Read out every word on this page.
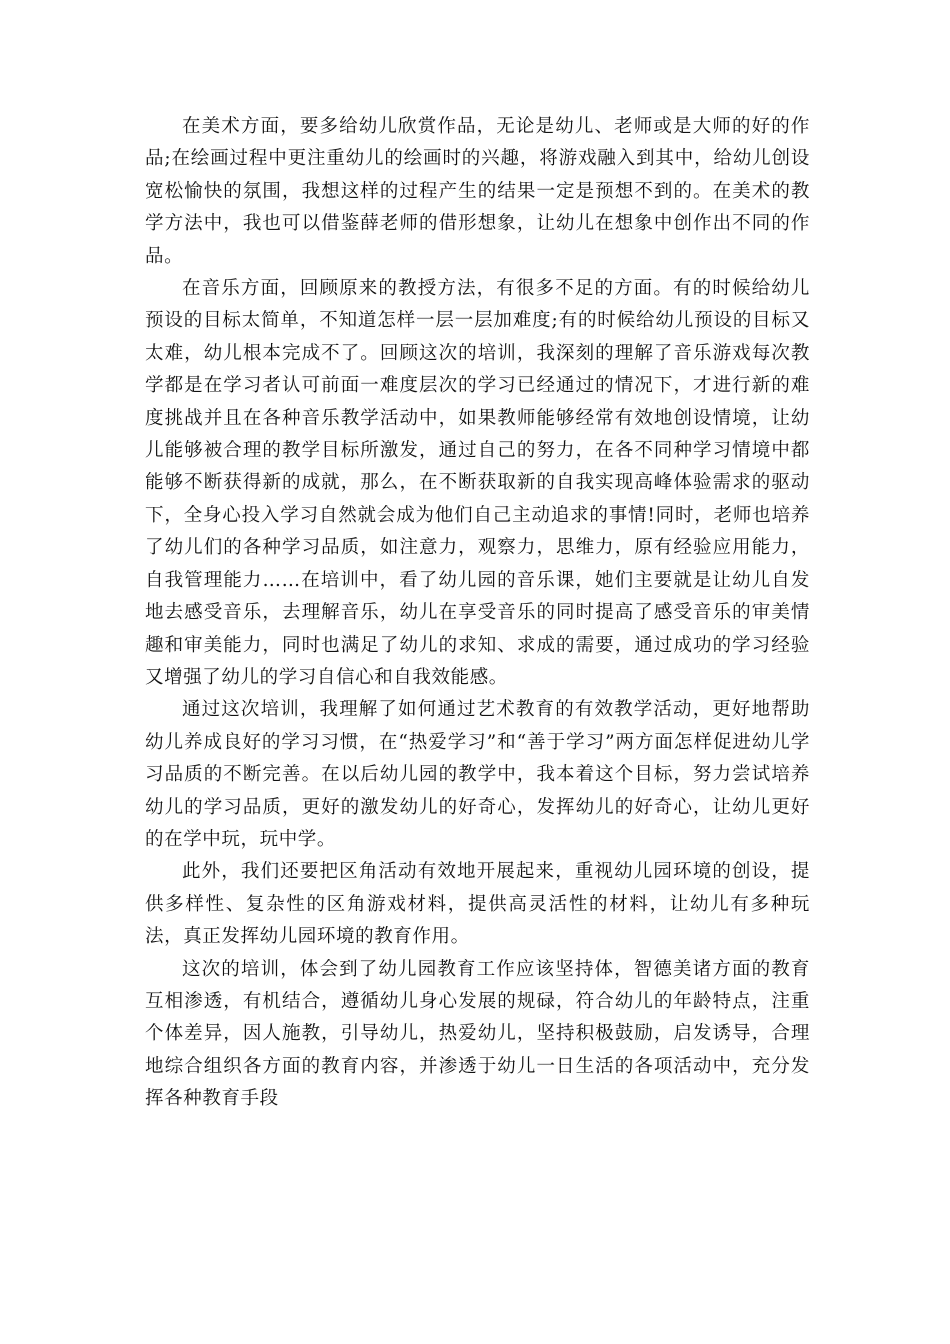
在美术方面，要多给幼儿欣赏作品，无论是幼儿、老师或是大师的好的作品;在绘画过程中更注重幼儿的绘画时的兴趣，将游戏融入到其中，给幼儿创设宽松愉快的氛围，我想这样的过程产生的结果一定是预想不到的。在美术的教学方法中，我也可以借鉴薛老师的借形想象，让幼儿在想象中创作出不同的作品。

在音乐方面，回顾原来的教授方法，有很多不足的方面。有的时候给幼儿预设的目标太简单，不知道怎样一层一层加难度;有的时候给幼儿预设的目标又太难，幼儿根本完成不了。回顾这次的培训，我深刻的理解了音乐游戏每次教学都是在学习者认可前面一难度层次的学习已经通过的情况下，才进行新的难度挑战并且在各种音乐教学活动中，如果教师能够经常有效地创设情境，让幼儿能够被合理的教学目标所激发，通过自己的努力，在各不同种学习情境中都能够不断获得新的成就，那么，在不断获取新的自我实现高峰体验需求的驱动下，全身心投入学习自然就会成为他们自己主动追求的事情!同时，老师也培养了幼儿们的各种学习品质，如注意力，观察力，思维力，原有经验应用能力，自我管理能力……在培训中，看了幼儿园的音乐课，她们主要就是让幼儿自发地去感受音乐，去理解音乐，幼儿在享受音乐的同时提高了感受音乐的审美情趣和审美能力，同时也满足了幼儿的求知、求成的需要，通过成功的学习经验又增强了幼儿的学习自信心和自我效能感。

通过这次培训，我理解了如何通过艺术教育的有效教学活动，更好地帮助幼儿养成良好的学习习惯，在“热爱学习”和“善于学习”两方面怎样促进幼儿学习品质的不断完善。在以后幼儿园的教学中，我本着这个目标，努力尝试培养幼儿的学习品质，更好的激发幼儿的好奇心，发挥幼儿的好奇心，让幼儿更好的在学中玩，玩中学。

此外，我们还要把区角活动有效地开展起来，重视幼儿园环境的创设，提供多样性、复杂性的区角游戏材料，提供高灵活性的材料，让幼儿有多种玩法，真正发挥幼儿园环境的教育作用。

这次的培训，体会到了幼儿园教育工作应该坚持体，智德美诸方面的教育互相渗透，有机结合，遵循幼儿身心发展的规碌，符合幼儿的年龄特点，注重个体差异，因人施教，引导幼儿，热爱幼儿，坚持积极鼓励，启发诱导，合理地综合组织各方面的教育内容，并渗透于幼儿一日生活的各项活动中，充分发挥各种教育手段
